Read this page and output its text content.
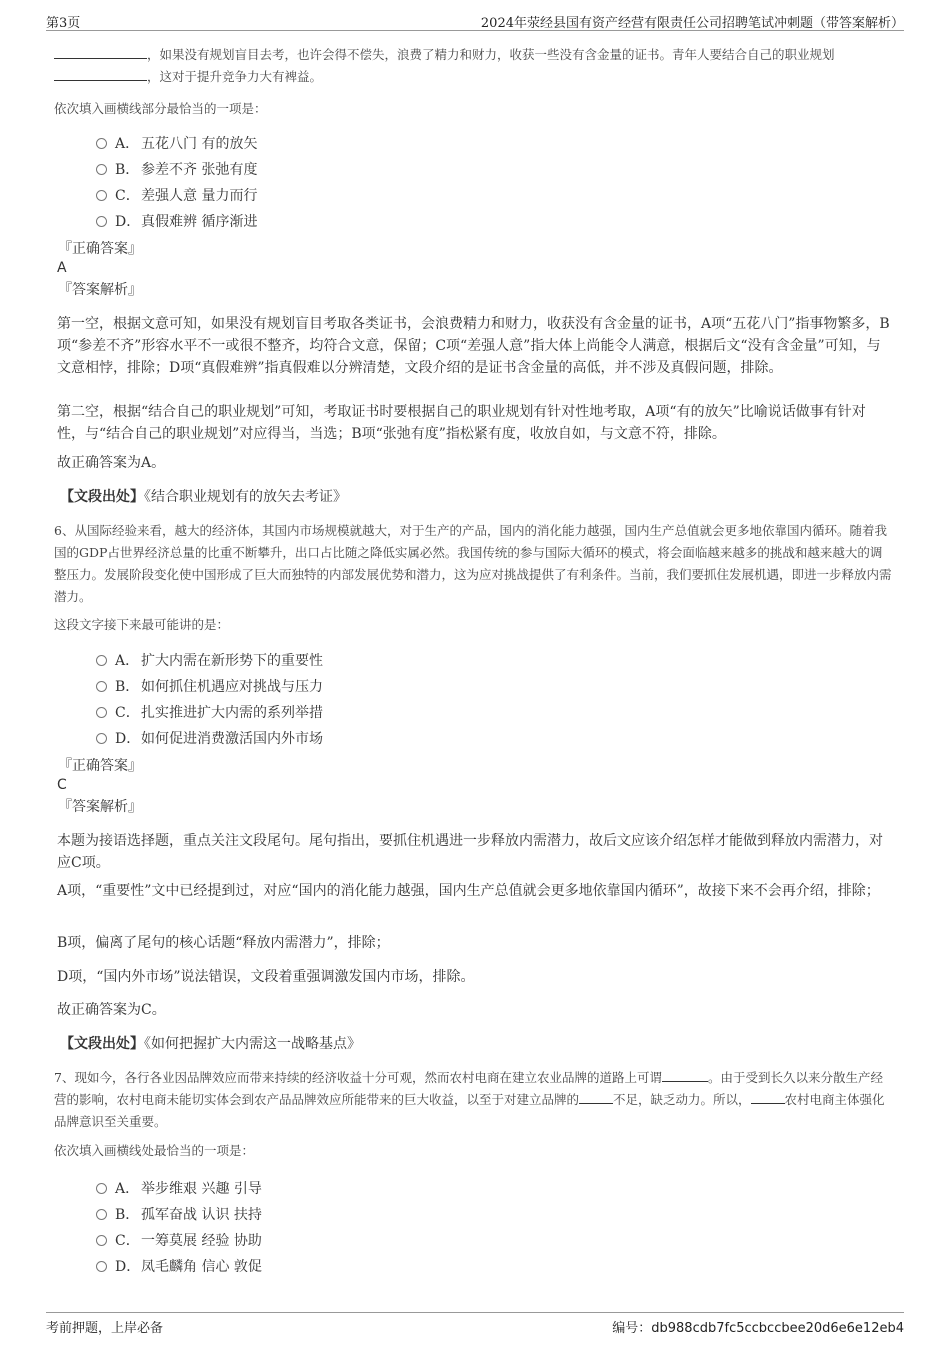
第3页	2024年荥经县国有资产经营有限责任公司招聘笔试冲刺题（带答案解析）
，如果没有规划盲目去考，也许会得不偿失，浪费了精力和财力，收获一些没有含金量的证书。青年人要结合自己的职业规划
，这对于提升竞争力大有裨益。
依次填入画横线部分最恰当的一项是：
A． 五花八门 有的放矢
B． 参差不齐 张弛有度
C．差强人意 量力而行
D．真假难辨 循序渐进
『正确答案』
A
『答案解析』
第一空，根据文意可知，如果没有规划盲目考取各类证书，会浪费精力和财力，收获没有含金量的证书，A项“五花八门”指事物繁多，B项“参差不齐”形容水平不一或很不整齐，均符合文意，保留；C项“差强人意”指大体上尚能令人满意，根据后文“没有含金量”可知，与文意相悖，排除；D项“真假难辨”指真假难以分辨清楚，文段介绍的是证书含金量的高低，并不涉及真假问题，排除。
第二空，根据“结合自己的职业规划”可知，考取证书时要根据自己的职业规划有针对性地考取，A项“有的放矢”比喻说话做事有针对性，与“结合自己的职业规划”对应得当，当选；B项“张弛有度”指松紧有度，收放自如，与文意不符，排除。
故正确答案为A。
【文段出处】《结合职业规划有的放矢去考证》
6、从国际经验来看，越大的经济体，其国内市场规模就越大，对于生产的产品，国内的消化能力越强，国内生产总值就会更多地依靠国内循环。随着我国的GDP占世界经济总量的比重不断攀升，出口占比随之降低实属必然。我国传统的参与国际大循环的模式，将会面临越来越多的挑战和越来越大的调整压力。发展阶段变化使中国形成了巨大而独特的内部发展优势和潜力，这为应对挑战提供了有利条件。当前，我们要抓住发展机遇，即进一步释放内需潜力。
这段文字接下来最可能讲的是：
A． 扩大内需在新形势下的重要性
B． 如何抓住机遇应对挑战与压力
C．扎实推进扩大内需的系列举措
D．如何促进消费激活国内外市场
『正确答案』
C
『答案解析』
本题为接语选择题，重点关注文段尾句。尾句指出，要抓住机遇进一步释放内需潜力，故后文应该介绍怎样才能做到释放内需潜力，对应C项。
A项，“重要性”文中已经提到过，对应“国内的消化能力越强，国内生产总值就会更多地依靠国内循环”，故接下来不会再介绍，排除；
B项，偏离了尾句的核心话题“释放内需潜力”，排除；
D项，“国内外市场”说法错误，文段着重强调激发国内市场，排除。
故正确答案为C。
【文段出处】《如何把握扩大内需这一战略基点》
7、现如今，各行各业因品牌效应而带来持续的经济收益十分可观，然而农村电商在建立农业品牌的道路上可谓	。由于受到长久以来分散生产经营的影响，农村电商未能切实体会到农产品品牌效应所能带来的巨大收益，以至于对建立品牌的	不足，缺乏动力。所以，	农村电商主体强化品牌意识至关重要。
依次填入画横线处最恰当的一项是：
A． 举步维艰 兴趣 引导
B． 孤军奋战 认识 扶持
C．一筹莫展 经验 协助
D．凤毛麟角 信心 敦促
考前押题，上岸必备	编号：db988cdb7fc5ccbccbee20d6e6e12eb4
